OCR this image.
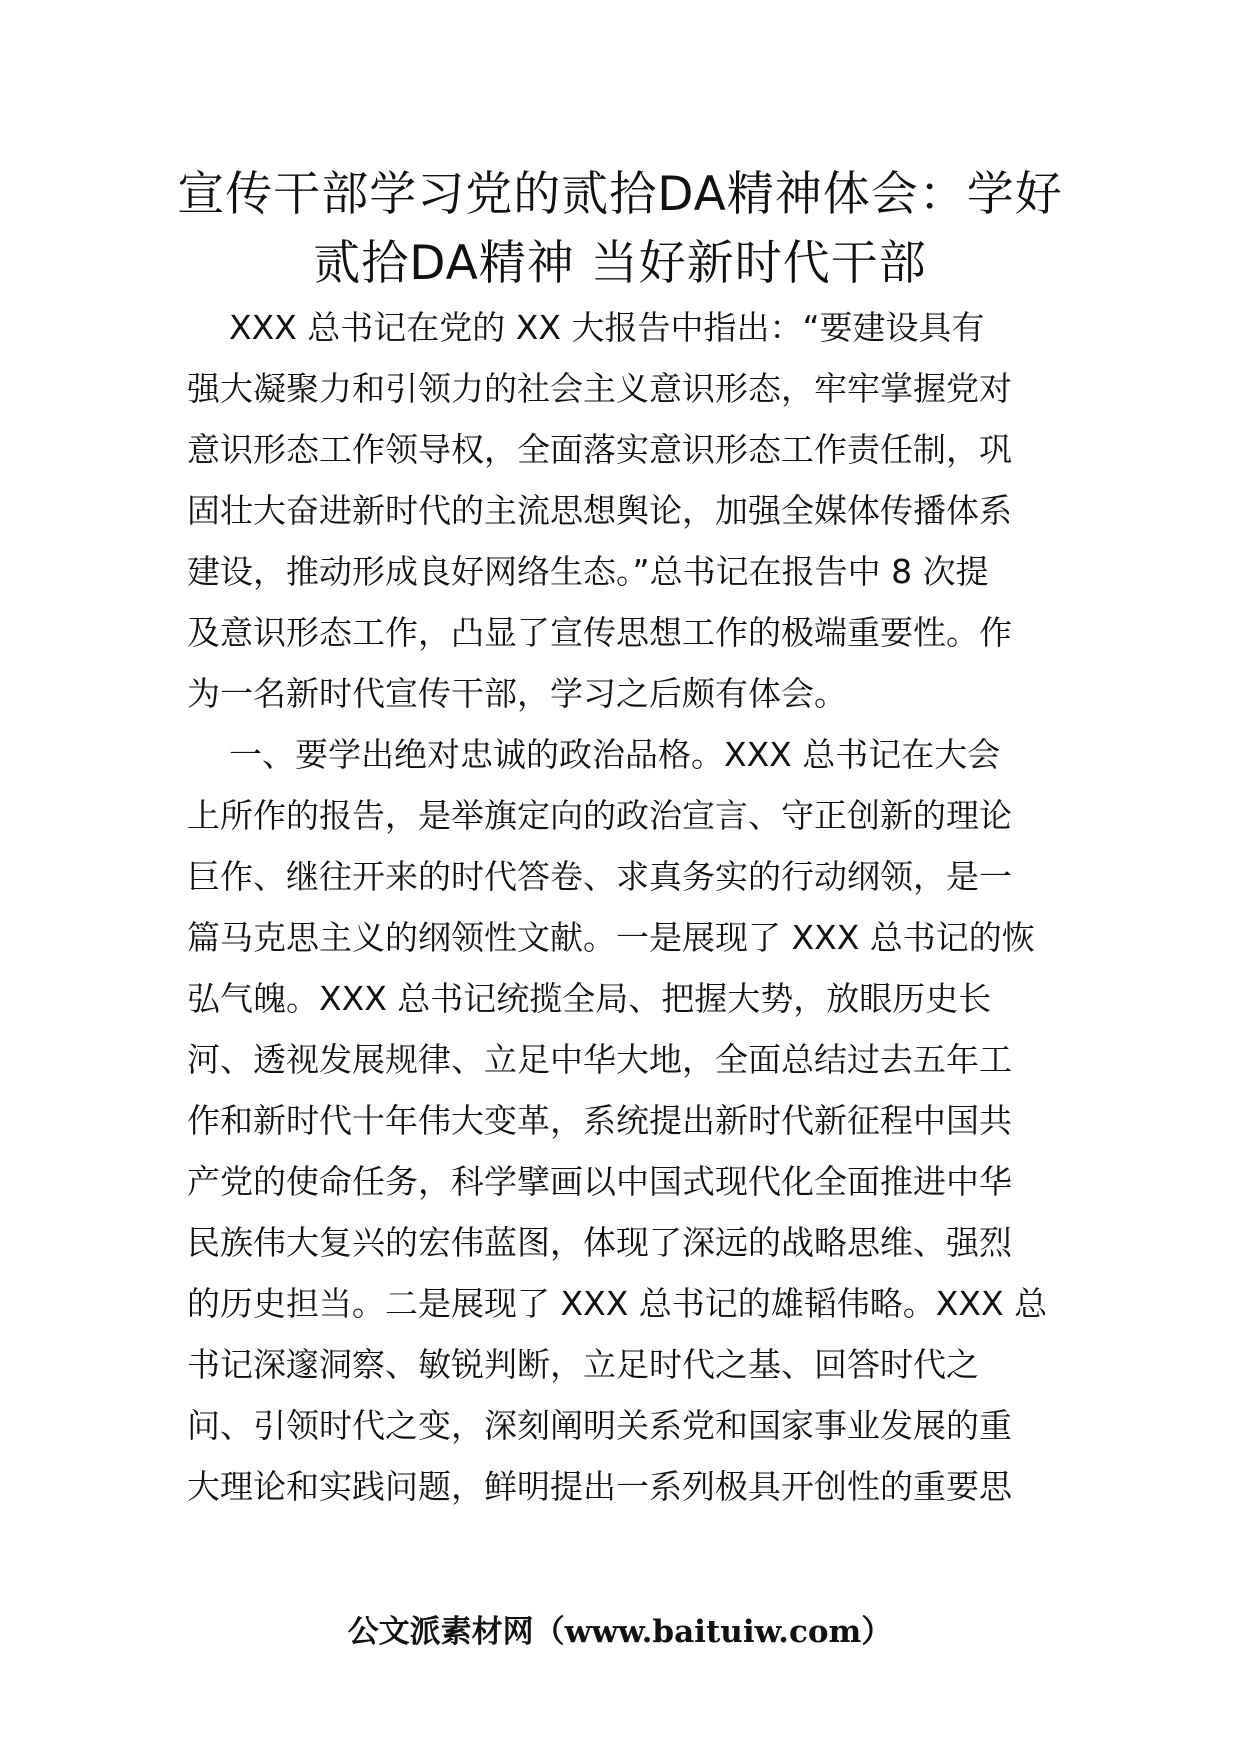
宣传干部学习党的贰拾DA精神体会：学好
贰拾DA精神 当好新时代干部
XXX 总书记在党的 XX 大报告中指出：“要建设具有
强大凝聚力和引领力的社会主义意识形态，牢牢掌握党对
意识形态工作领导权，全面落实意识形态工作责任制，巩
固壮大奋进新时代的主流思想舆论，加强全媒体传播体系
建设，推动形成良好网络生态。”总书记在报告中 8 次提
及意识形态工作，凸显了宣传思想工作的极端重要性。作
为一名新时代宣传干部，学习之后颇有体会。
一、要学出绝对忠诚的政治品格。XXX 总书记在大会
上所作的报告，是举旗定向的政治宣言、守正创新的理论
巨作、继往开来的时代答卷、求真务实的行动纲领，是一
篇马克思主义的纲领性文献。一是展现了 XXX 总书记的恢
弘气魄。XXX 总书记统揽全局、把握大势，放眼历史长
河、透视发展规律、立足中华大地，全面总结过去五年工
作和新时代十年伟大变革，系统提出新时代新征程中国共
产党的使命任务，科学擘画以中国式现代化全面推进中华
民族伟大复兴的宏伟蓝图，体现了深远的战略思维、强烈
的历史担当。二是展现了 XXX 总书记的雄韬伟略。XXX 总
书记深邃洞察、敏锐判断，立足时代之基、回答时代之
问、引领时代之变，深刻阐明关系党和国家事业发展的重
大理论和实践问题，鲜明提出一系列极具开创性的重要思
公文派素材网（www.baituiw.com）
